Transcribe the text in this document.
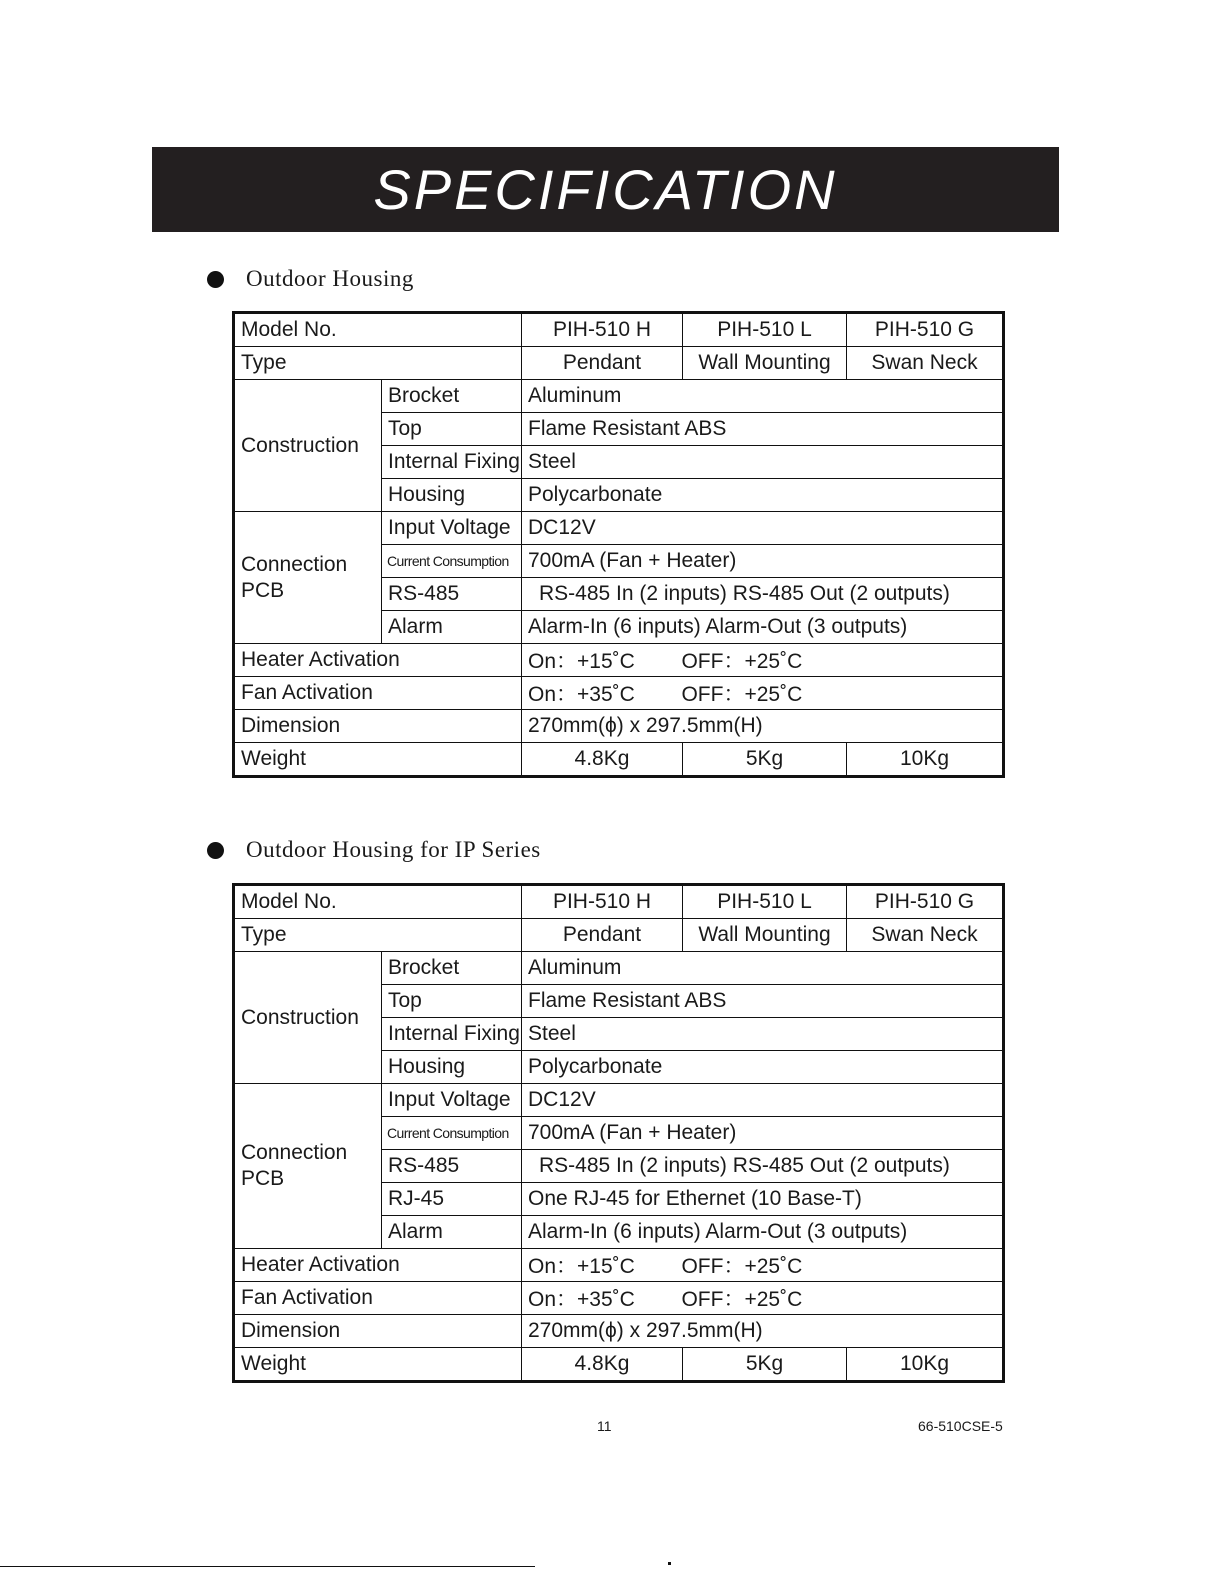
SPECIFICATION
Outdoor Housing
Model No.		PIH-510 H	PIH-510 L	PIH-510 G
Type		Pendant	Wall Mounting	Swan Neck
Construction	Brocket	Aluminum		
	Top	Flame Resistant ABS		
	Internal Fixing	Steel		
	Housing	Polycarbonate		

Connection
PCB	Input Voltage	DC12V		
	Current Consumption	700mA (Fan + Heater)		
	RS-485	RS-485 In (2 inputs) RS-485 Out (2 outputs)		
	Alarm	Alarm-In (6 inputs) Alarm-Out (3 outputs)		
Heater Activation		On：+15˚C        OFF：+25˚C		
Fan Activation		On：+35˚C        OFF：+25˚C		
Dimension		270mm(ϕ) x 297.5mm(H)		
Weight		4.8Kg	5Kg	10Kg
Outdoor Housing for IP Series
Model No.		PIH-510 H	PIH-510 L	PIH-510 G
Type		Pendant	Wall Mounting	Swan Neck
Construction	Brocket	Aluminum		
	Top	Flame Resistant ABS		
	Internal Fixing	Steel		
	Housing	Polycarbonate		

Connection
PCB	Input Voltage	DC12V		
	Current Consumption	700mA (Fan + Heater)		
	RS-485	RS-485 In (2 inputs) RS-485 Out (2 outputs)		
	RJ-45	One RJ-45 for Ethernet (10 Base-T)		
	Alarm	Alarm-In (6 inputs) Alarm-Out (3 outputs)		
Heater Activation		On：+15˚C        OFF：+25˚C		
Fan Activation		On：+35˚C        OFF：+25˚C		
Dimension		270mm(ϕ) x 297.5mm(H)		
Weight		4.8Kg	5Kg	10Kg
11	66-510CSE-5
